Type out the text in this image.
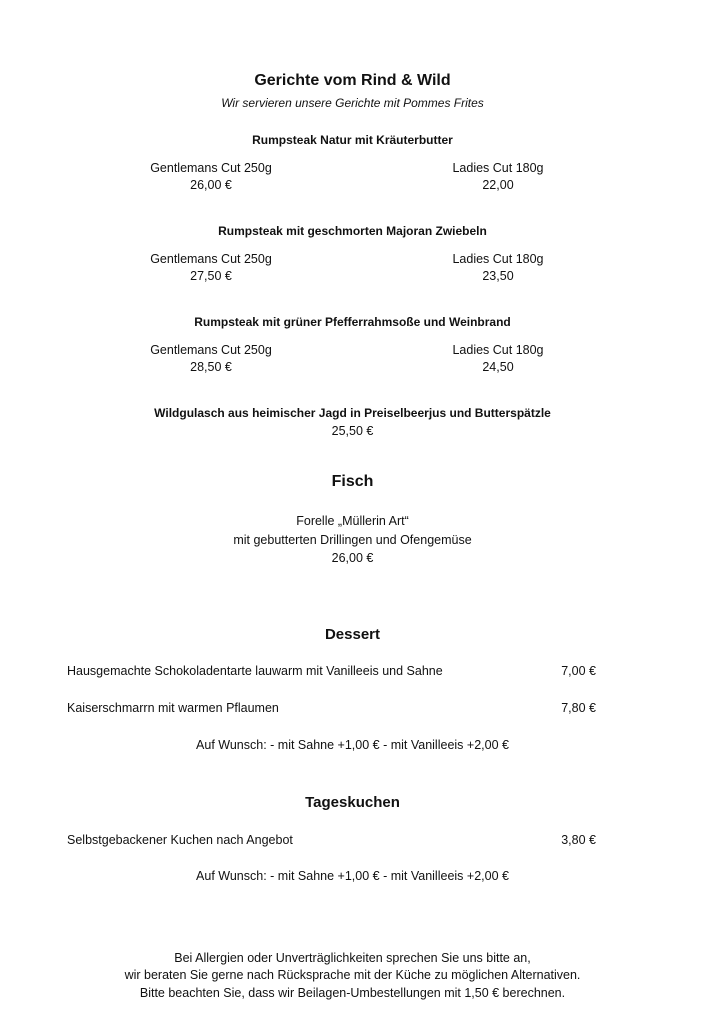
Gerichte vom Rind & Wild
Wir servieren unsere Gerichte mit Pommes Frites
Rumpsteak Natur mit Kräuterbutter
Gentlemans Cut 250g
26,00 €
Ladies Cut 180g
22,00
Rumpsteak mit geschmorten Majoran Zwiebeln
Gentlemans Cut 250g
27,50 €
Ladies Cut 180g
23,50
Rumpsteak mit grüner Pfefferrahmsoße und Weinbrand
Gentlemans Cut 250g
28,50 €
Ladies Cut 180g
24,50
Wildgulasch aus heimischer Jagd in Preiselbeerjus und Butterspätzle
25,50 €
Fisch
Forelle „Müllerin Art“
mit gebutterten Drillingen und Ofengemüse
26,00 €
Dessert
Hausgemachte Schokoladentarte lauwarm mit Vanilleeis und Sahne	7,00 €
Kaiserschmarrn mit warmen Pflaumen	7,80 €
Auf Wunsch: - mit Sahne +1,00 € - mit Vanilleeis +2,00 €
Tageskuchen
Selbstgebackener Kuchen nach Angebot	3,80 €
Auf Wunsch: - mit Sahne +1,00 € - mit Vanilleeis +2,00 €
Bei Allergien oder Unverträglichkeiten sprechen Sie uns bitte an,
wir beraten Sie gerne nach Rücksprache mit der Küche zu möglichen Alternativen.
Bitte beachten Sie, dass wir Beilagen-Umbestellungen mit 1,50 € berechnen.
